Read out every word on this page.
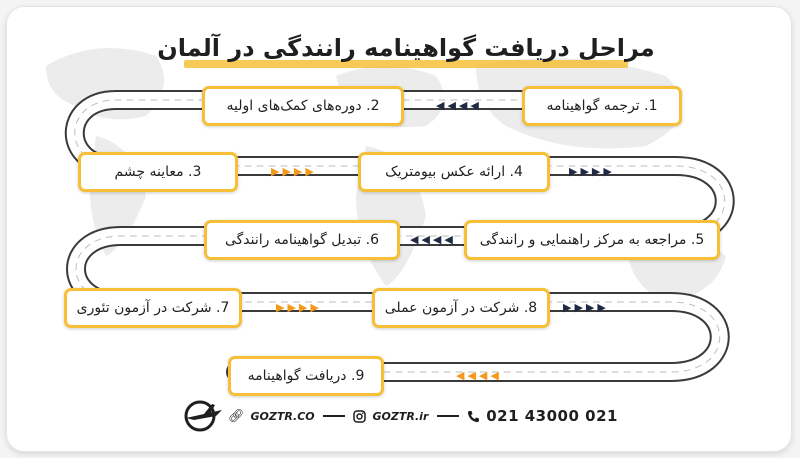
مراحل دریافت گواهینامه رانندگی در آلمان
1. ترجمه گواهینامه
◀◀◀◀
2. دوره‌های کمک‌های اولیه
3. معاینه چشم	▶▶▶▶	4. ارائه عکس بیومتریک	▶▶▶▶
5. مراجعه به مرکز راهنمایی و رانندگی
◀◀◀◀
6. تبدیل گواهینامه رانندگی
7. شرکت در آزمون تئوری	▶▶▶▶	8. شرکت در آزمون عملی	▶▶▶▶
◀◀◀◀
9. دریافت گواهینامه
🔗︎ GOZTR.CO	GOZTR.ir	021 43000 021
